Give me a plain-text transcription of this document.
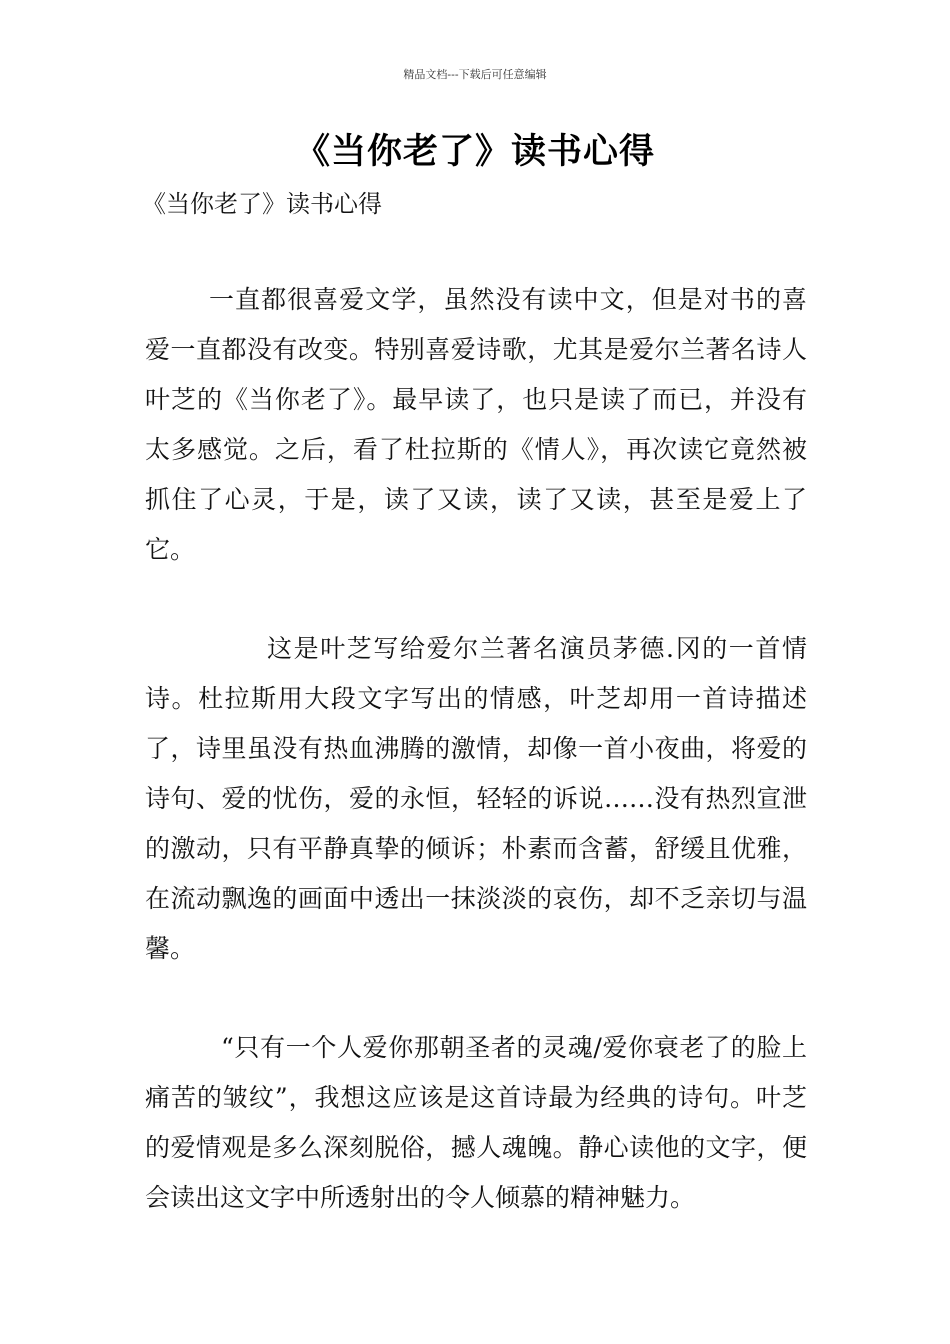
精品文档---下载后可任意编辑
《当你老了》读书心得
《当你老了》读书心得

一直都很喜爱文学，虽然没有读中文，但是对书的喜爱一直都没有改变。特别喜爱诗歌，尤其是爱尔兰著名诗人叶芝的《当你老了》。最早读了，也只是读了而已，并没有太多感觉。之后，看了杜拉斯的《情人》，再次读它竟然被抓住了心灵，于是，读了又读，读了又读，甚至是爱上了它。

这是叶芝写给爱尔兰著名演员茅德.冈的一首情诗。杜拉斯用大段文字写出的情感，叶芝却用一首诗描述了，诗里虽没有热血沸腾的激情，却像一首小夜曲，将爱的诗句、爱的忧伤，爱的永恒，轻轻的诉说……没有热烈宣泄的激动，只有平静真挚的倾诉；朴素而含蓄，舒缓且优雅，在流动飘逸的画面中透出一抹淡淡的哀伤，却不乏亲切与温馨。

“只有一个人爱你那朝圣者的灵魂/爱你衰老了的脸上痛苦的皱纹”，我想这应该是这首诗最为经典的诗句。叶芝的爱情观是多么深刻脱俗，撼人魂魄。静心读他的文字，便会读出这文字中所透射出的令人倾慕的精神魅力。
